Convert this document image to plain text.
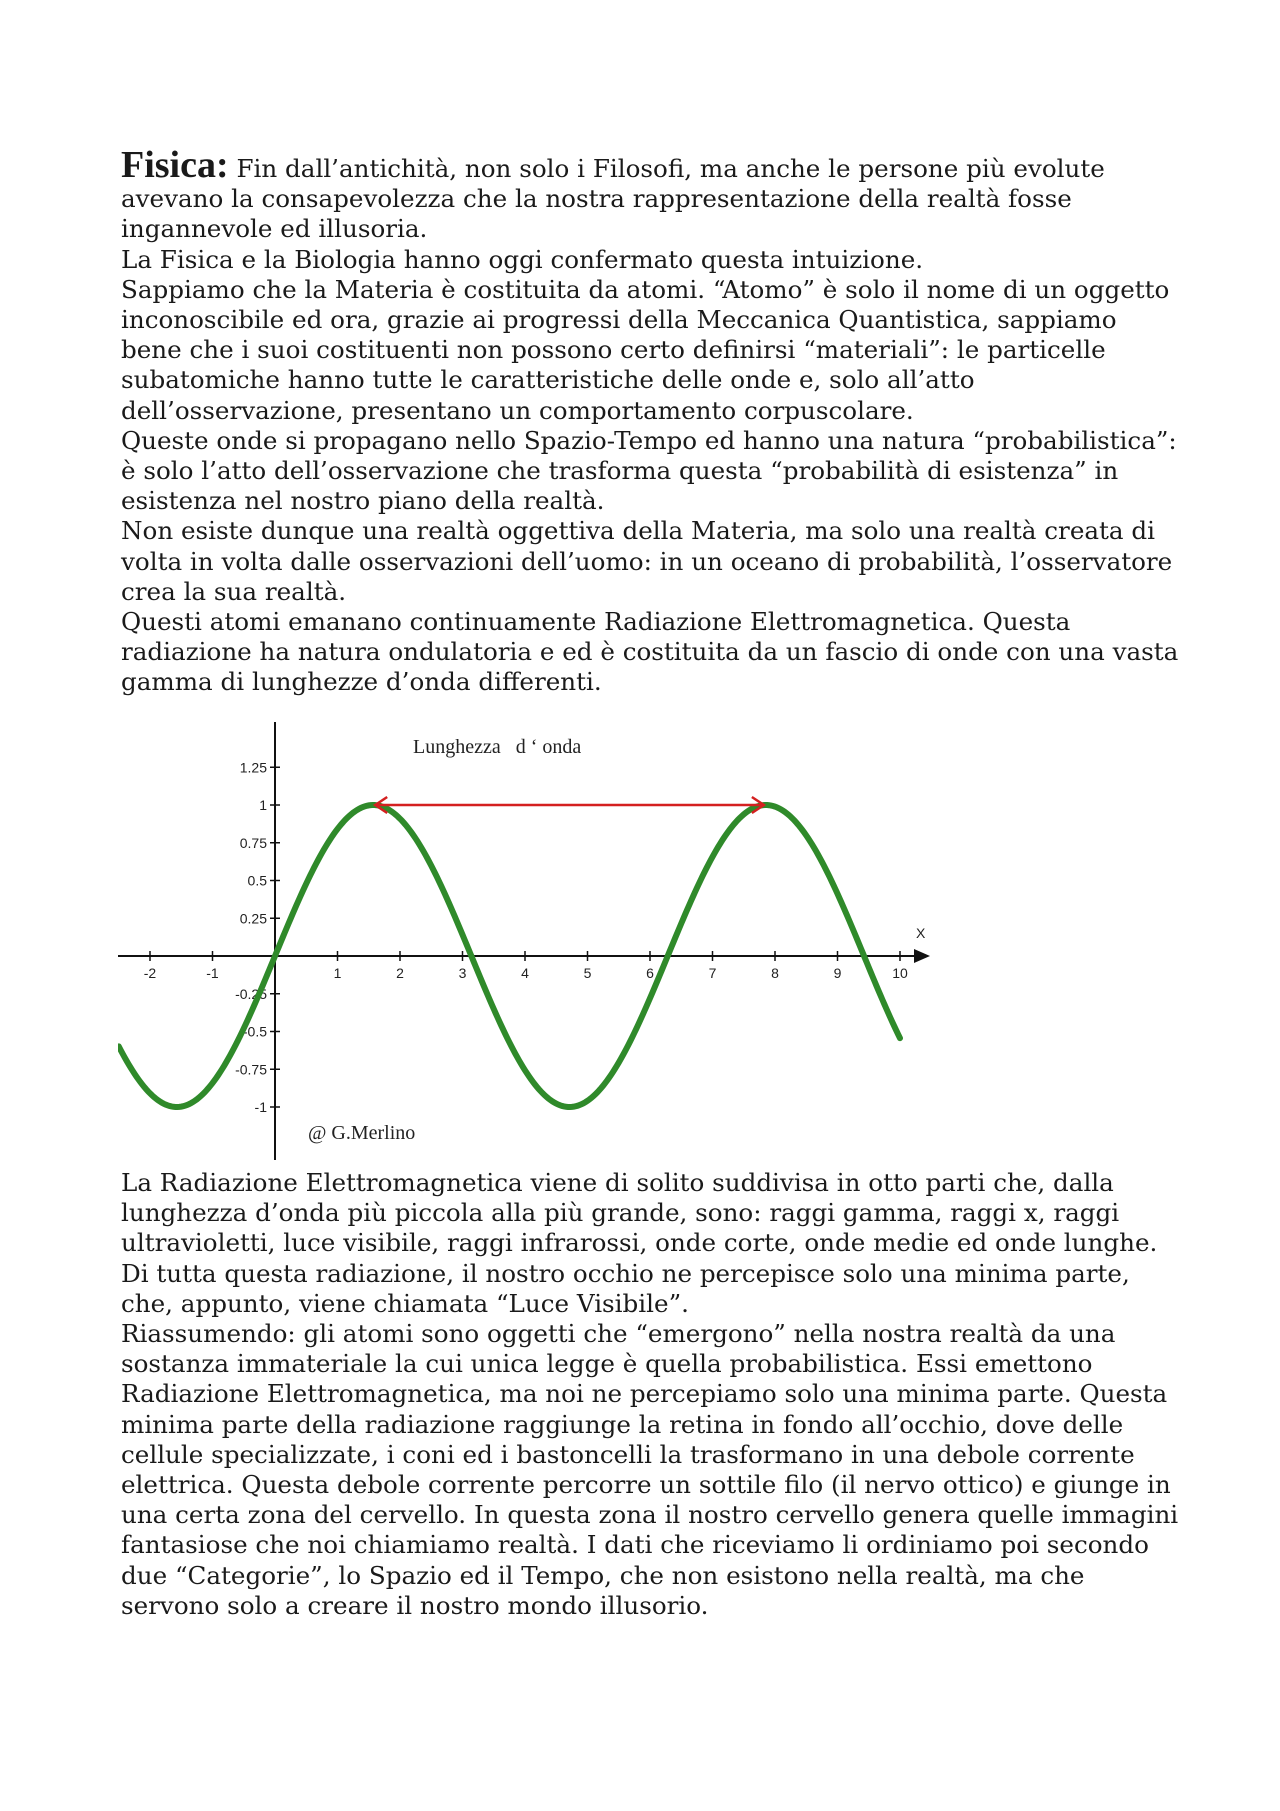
Fisica: Fin dall’antichità, non solo i Filosofi, ma anche le persone più evolute avevano la consapevolezza che la nostra rappresentazione della realtà fosse ingannevole ed illusoria.

La Fisica e la Biologia hanno oggi confermato questa intuizione.

Sappiamo che la Materia è costituita da atomi. “Atomo” è solo il nome di un oggetto inconoscibile ed ora, grazie ai progressi della Meccanica Quantistica, sappiamo bene che i suoi costituenti non possono certo definirsi “materiali”: le particelle subatomiche hanno tutte le caratteristiche delle onde e, solo all’atto dell’osservazione, presentano un comportamento corpuscolare.

Queste onde si propagano nello Spazio-Tempo ed hanno una natura “probabilistica”: è solo l’atto dell’osservazione che trasforma questa “probabilità di esistenza” in esistenza nel nostro piano della realtà.

Non esiste dunque una realtà oggettiva della Materia, ma solo una realtà creata di volta in volta dalle osservazioni dell’uomo: in un oceano di probabilità, l’osservatore crea la sua realtà.

Questi atomi emanano continuamente Radiazione Elettromagnetica. Questa radiazione ha natura ondulatoria e ed è costituita da un fascio di onde con una vasta gamma di lunghezze d’onda differenti.

-2	-1	1	2	3	4	5	6	7	8	9	10
1.25
1
0.75
0.5
0.25
-0.25
-0.5
-0.75
-1
Lunghezza   d ‘ onda
@ G.Merlino
X

La Radiazione Elettromagnetica viene di solito suddivisa in otto parti che, dalla lunghezza d’onda più piccola alla più grande, sono: raggi gamma, raggi x, raggi ultravioletti, luce visibile, raggi infrarossi, onde corte, onde medie ed onde lunghe.

Di tutta questa radiazione, il nostro occhio ne percepisce solo una minima parte, che, appunto, viene chiamata “Luce Visibile”.

Riassumendo: gli atomi sono oggetti che “emergono” nella nostra realtà da una sostanza immateriale la cui unica legge è quella probabilistica. Essi emettono Radiazione Elettromagnetica, ma noi ne percepiamo solo una minima parte. Questa minima parte della radiazione raggiunge la retina in fondo all’occhio, dove delle cellule specializzate, i coni ed i bastoncelli la trasformano in una debole corrente elettrica. Questa debole corrente percorre un sottile filo (il nervo ottico) e giunge in una certa zona del cervello. In questa zona il nostro cervello genera quelle immagini fantasiose che noi chiamiamo realtà. I dati che riceviamo li ordiniamo poi secondo due “Categorie”, lo Spazio ed il Tempo, che non esistono nella realtà, ma che servono solo a creare il nostro mondo illusorio.
